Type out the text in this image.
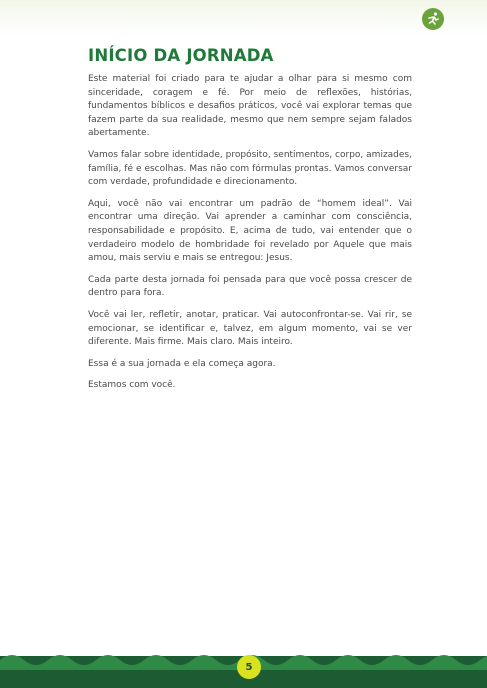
INÍCIO DA JORNADA

Este material foi criado para te ajudar a olhar para si mesmo com sinceridade, coragem e fé. Por meio de reflexões, histórias, fundamentos bíblicos e desafios práticos, você vai explorar temas que fazem parte da sua realidade, mesmo que nem sempre sejam falados abertamente.

Vamos falar sobre identidade, propósito, sentimentos, corpo, amizades, família, fé e escolhas. Mas não com fórmulas prontas. Vamos conversar com verdade, profundidade e direcionamento.

Aqui, você não vai encontrar um padrão de “homem ideal”. Vai encontrar uma direção. Vai aprender a caminhar com consciência, responsabilidade e propósito. E, acima de tudo, vai entender que o verdadeiro modelo de hombridade foi revelado por Aquele que mais amou, mais serviu e mais se entregou: Jesus.

Cada parte desta jornada foi pensada para que você possa crescer de dentro para fora.

Você vai ler, refletir, anotar, praticar. Vai autoconfrontar-se. Vai rir, se emocionar, se identificar e, talvez, em algum momento, vai se ver diferente. Mais firme. Mais claro. Mais inteiro.

Essa é a sua jornada e ela começa agora.

Estamos com você.

5
